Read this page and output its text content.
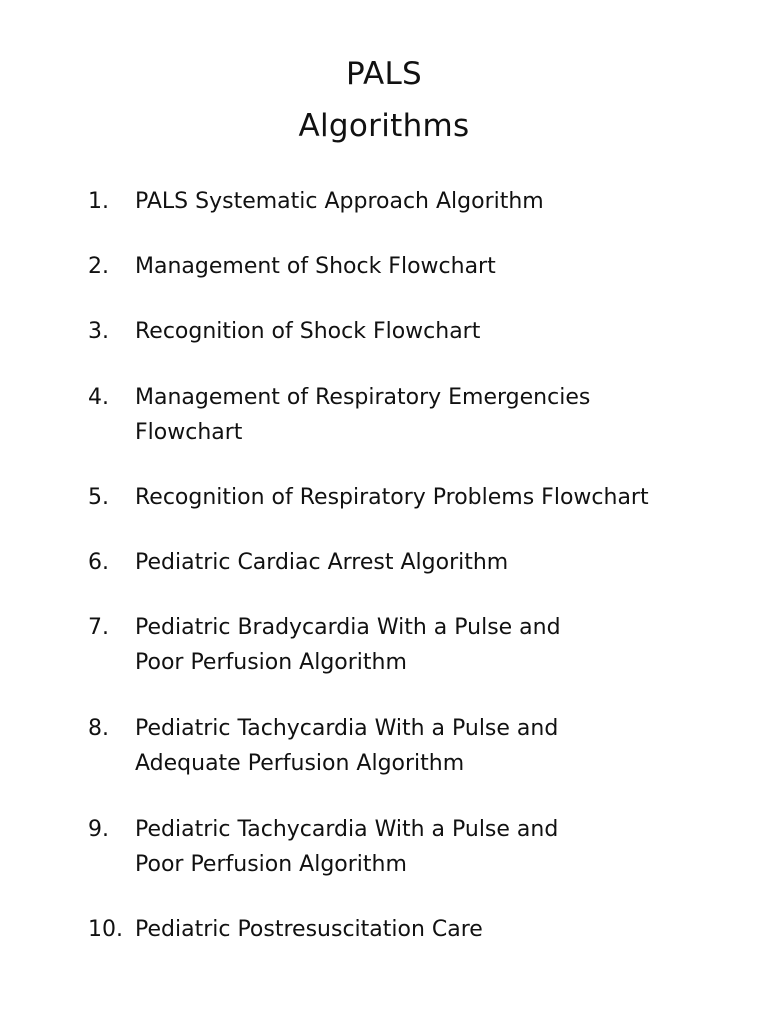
PALS
Algorithms
1.	PALS Systematic Approach Algorithm
2.	Management of Shock Flowchart
3.	Recognition of Shock Flowchart
4.	Management of Respiratory Emergencies
Flowchart
5.	Recognition of Respiratory Problems Flowchart
6.	Pediatric Cardiac Arrest Algorithm
7.	Pediatric Bradycardia With a Pulse and
Poor Perfusion Algorithm
8.	Pediatric Tachycardia With a Pulse and
Adequate Perfusion Algorithm
9.	Pediatric Tachycardia With a Pulse and
Poor Perfusion Algorithm
10. Pediatric Postresuscitation Care
